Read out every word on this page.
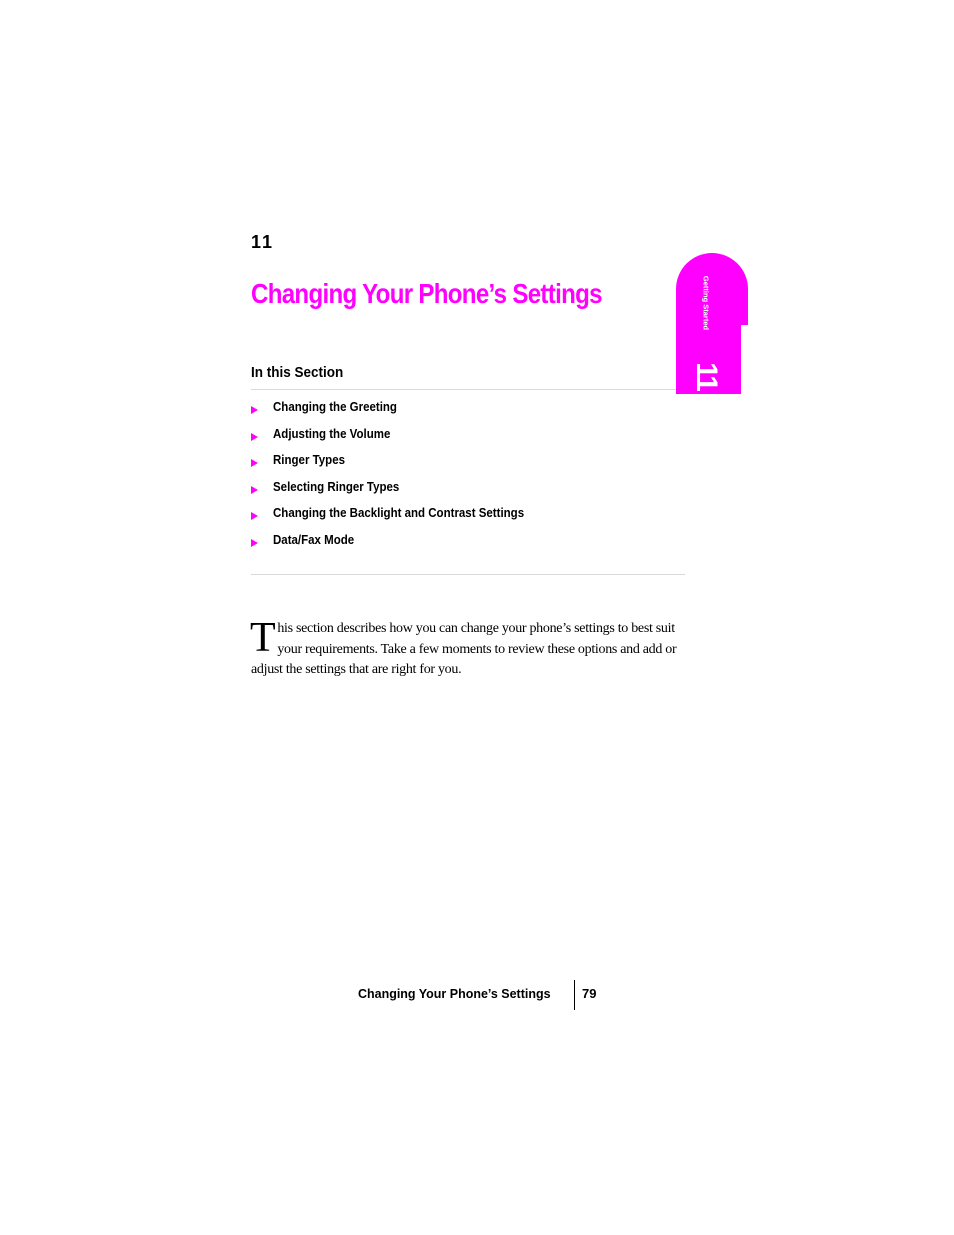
11
Changing Your Phone’s Settings
In this Section
Changing the Greeting
Adjusting the Volume
Ringer Types
Selecting Ringer Types
Changing the Backlight and Contrast Settings
Data/Fax Mode

This section describes how you can change your phone’s settings to best suit your requirements. Take a few moments to review these options and add or adjust the settings that are right for you.

Getting Started
11
Changing Your Phone’s Settings 79
